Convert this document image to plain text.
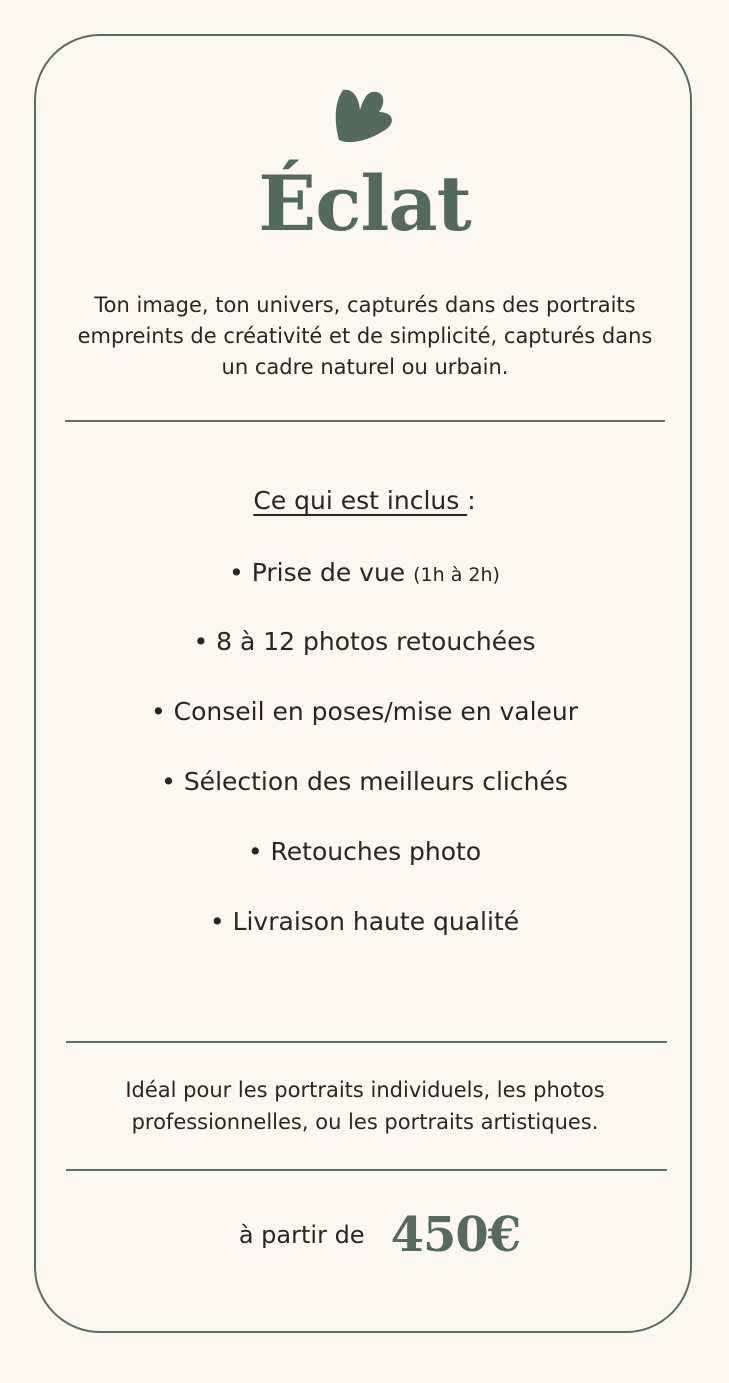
Éclat
Ton image, ton univers, capturés dans des portraits empreints de créativité et de simplicité, capturés dans un cadre naturel ou urbain.
Ce qui est inclus :
• Prise de vue (1h à 2h)
• 8 à 12 photos retouchées
• Conseil en poses/mise en valeur
• Sélection des meilleurs clichés
• Retouches photo
• Livraison haute qualité
Idéal pour les portraits individuels, les photos professionnelles, ou les portraits artistiques.
à partir de 450€
